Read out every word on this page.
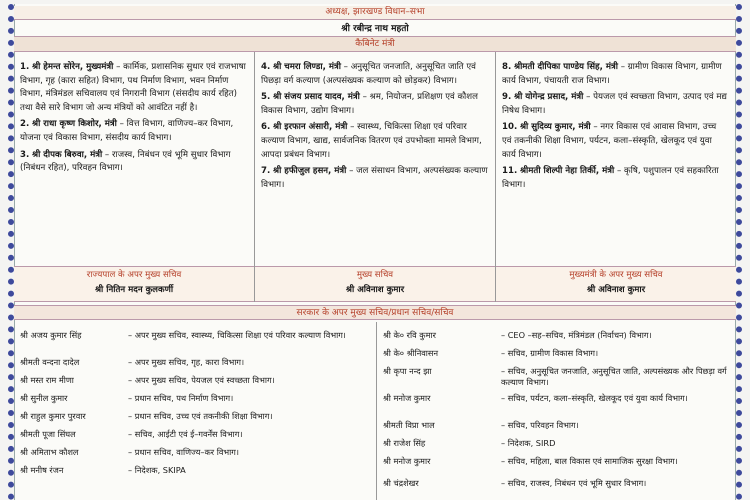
अध्यक्ष, झारखण्ड विधान–सभा
श्री रबीन्द्र नाथ महतो
कैबिनेट मंत्री
1. श्री हेमन्त सोरेन, मुख्यमंत्री – कार्मिक, प्रशासनिक सुधार एवं राजभाषा विभाग, गृह (कारा सहित) विभाग, पथ निर्माण विभाग, भवन निर्माण विभाग, मंत्रिमंडल सचिवालय एवं निगरानी विभाग (संसदीय कार्य रहित) तथा वैसे सारे विभाग जो अन्य मंत्रियों को आवंटित नहीं है।
2. श्री राधा कृष्ण किशोर, मंत्री – वित्त विभाग, वाणिज्य–कर विभाग, योजना एवं विकास विभाग, संसदीय कार्य विभाग।
3. श्री दीपक बिरुवा, मंत्री – राजस्व, निबंधन एवं भूमि सुधार विभाग (निबंधन रहित), परिवहन विभाग।
4. श्री चमरा लिण्डा, मंत्री – अनुसूचित जनजाति, अनुसूचित जाति एवं पिछड़ा वर्ग कल्याण (अल्पसंख्यक कल्याण को छोड़कर) विभाग।
5. श्री संजय प्रसाद यादव, मंत्री – श्रम, नियोजन, प्रशिक्षण एवं कौशल विकास विभाग, उद्योग विभाग।
6. श्री इरफान अंसारी, मंत्री – स्वास्थ्य, चिकित्सा शिक्षा एवं परिवार कल्याण विभाग, खाद्य, सार्वजनिक वितरण एवं उपभोक्ता मामले विभाग, आपदा प्रबंधन विभाग।
7. श्री हफीजुल हसन, मंत्री – जल संसाधन विभाग, अल्पसंख्यक कल्याण विभाग।
8. श्रीमती दीपिका पाण्डेय सिंह, मंत्री – ग्रामीण विकास विभाग, ग्रामीण कार्य विभाग, पंचायती राज विभाग।
9. श्री योगेन्द्र प्रसाद, मंत्री – पेयजल एवं स्वच्छता विभाग, उत्पाद एवं मद्य निषेध विभाग।
10. श्री सुदिव्य कुमार, मंत्री – नगर विकास एवं आवास विभाग, उच्च एवं तकनीकी शिक्षा विभाग, पर्यटन, कला–संस्कृति, खेलकूद एवं युवा कार्य विभाग।
11. श्रीमती शिल्पी नेहा तिर्की, मंत्री – कृषि, पशुपालन एवं सहकारिता विभाग।
राज्यपाल के अपर मुख्य सचिव
श्री नितिन मदन कुलकर्णी
मुख्य सचिव
श्री अविनाश कुमार
मुख्यमंत्री के अपर मुख्य सचिव
श्री अविनाश कुमार
सरकार के अपर मुख्य सचिव/प्रधान सचिव/सचिव
श्री अजय कुमार सिंह	– अपर मुख्य सचिव, स्वास्थ्य, चिकित्सा शिक्षा एवं परिवार कल्याण विभाग।
श्रीमती वन्दना दादेल	– अपर मुख्य सचिव, गृह, कारा विभाग।
श्री मस्त राम मीणा	– अपर मुख्य सचिव, पेयजल एवं स्वच्छता विभाग।
श्री सुनील कुमार	– प्रधान सचिव, पथ निर्माण विभाग।
श्री राहुल कुमार पुरवार	– प्रधान सचिव, उच्च एवं तकनीकी शिक्षा विभाग।
श्रीमती पूजा सिंघल	– सचिव, आईटी एवं ई–गवर्नेंस विभाग।
श्री अमिताभ कौशल	– प्रधान सचिव, वाणिज्य–कर विभाग।
श्री मनीष रंजन	– निदेशक, SKIPA
श्री के० रवि कुमार	– CEO –सह–सचिव, मंत्रिमंडल (निर्वाचन) विभाग।
श्री के० श्रीनिवासन	– सचिव, ग्रामीण विकास विभाग।
श्री कृपा नन्द झा	– सचिव, अनुसूचित जनजाति, अनुसूचित जाति, अल्पसंख्यक और पिछड़ा वर्ग कल्याण विभाग।
श्री मनोज कुमार	– सचिव, पर्यटन, कला–संस्कृति, खेलकूद एवं युवा कार्य विभाग।
श्रीमती विप्रा भाल	– सचिव, परिवहन विभाग।
श्री राजेश सिंह	– निदेशक, SIRD
श्री मनोज कुमार	– सचिव, महिला, बाल विकास एवं सामाजिक सुरक्षा विभाग।
श्री चंद्रशेखर	– सचिव, राजस्व, निबंधन एवं भूमि सुधार विभाग।
